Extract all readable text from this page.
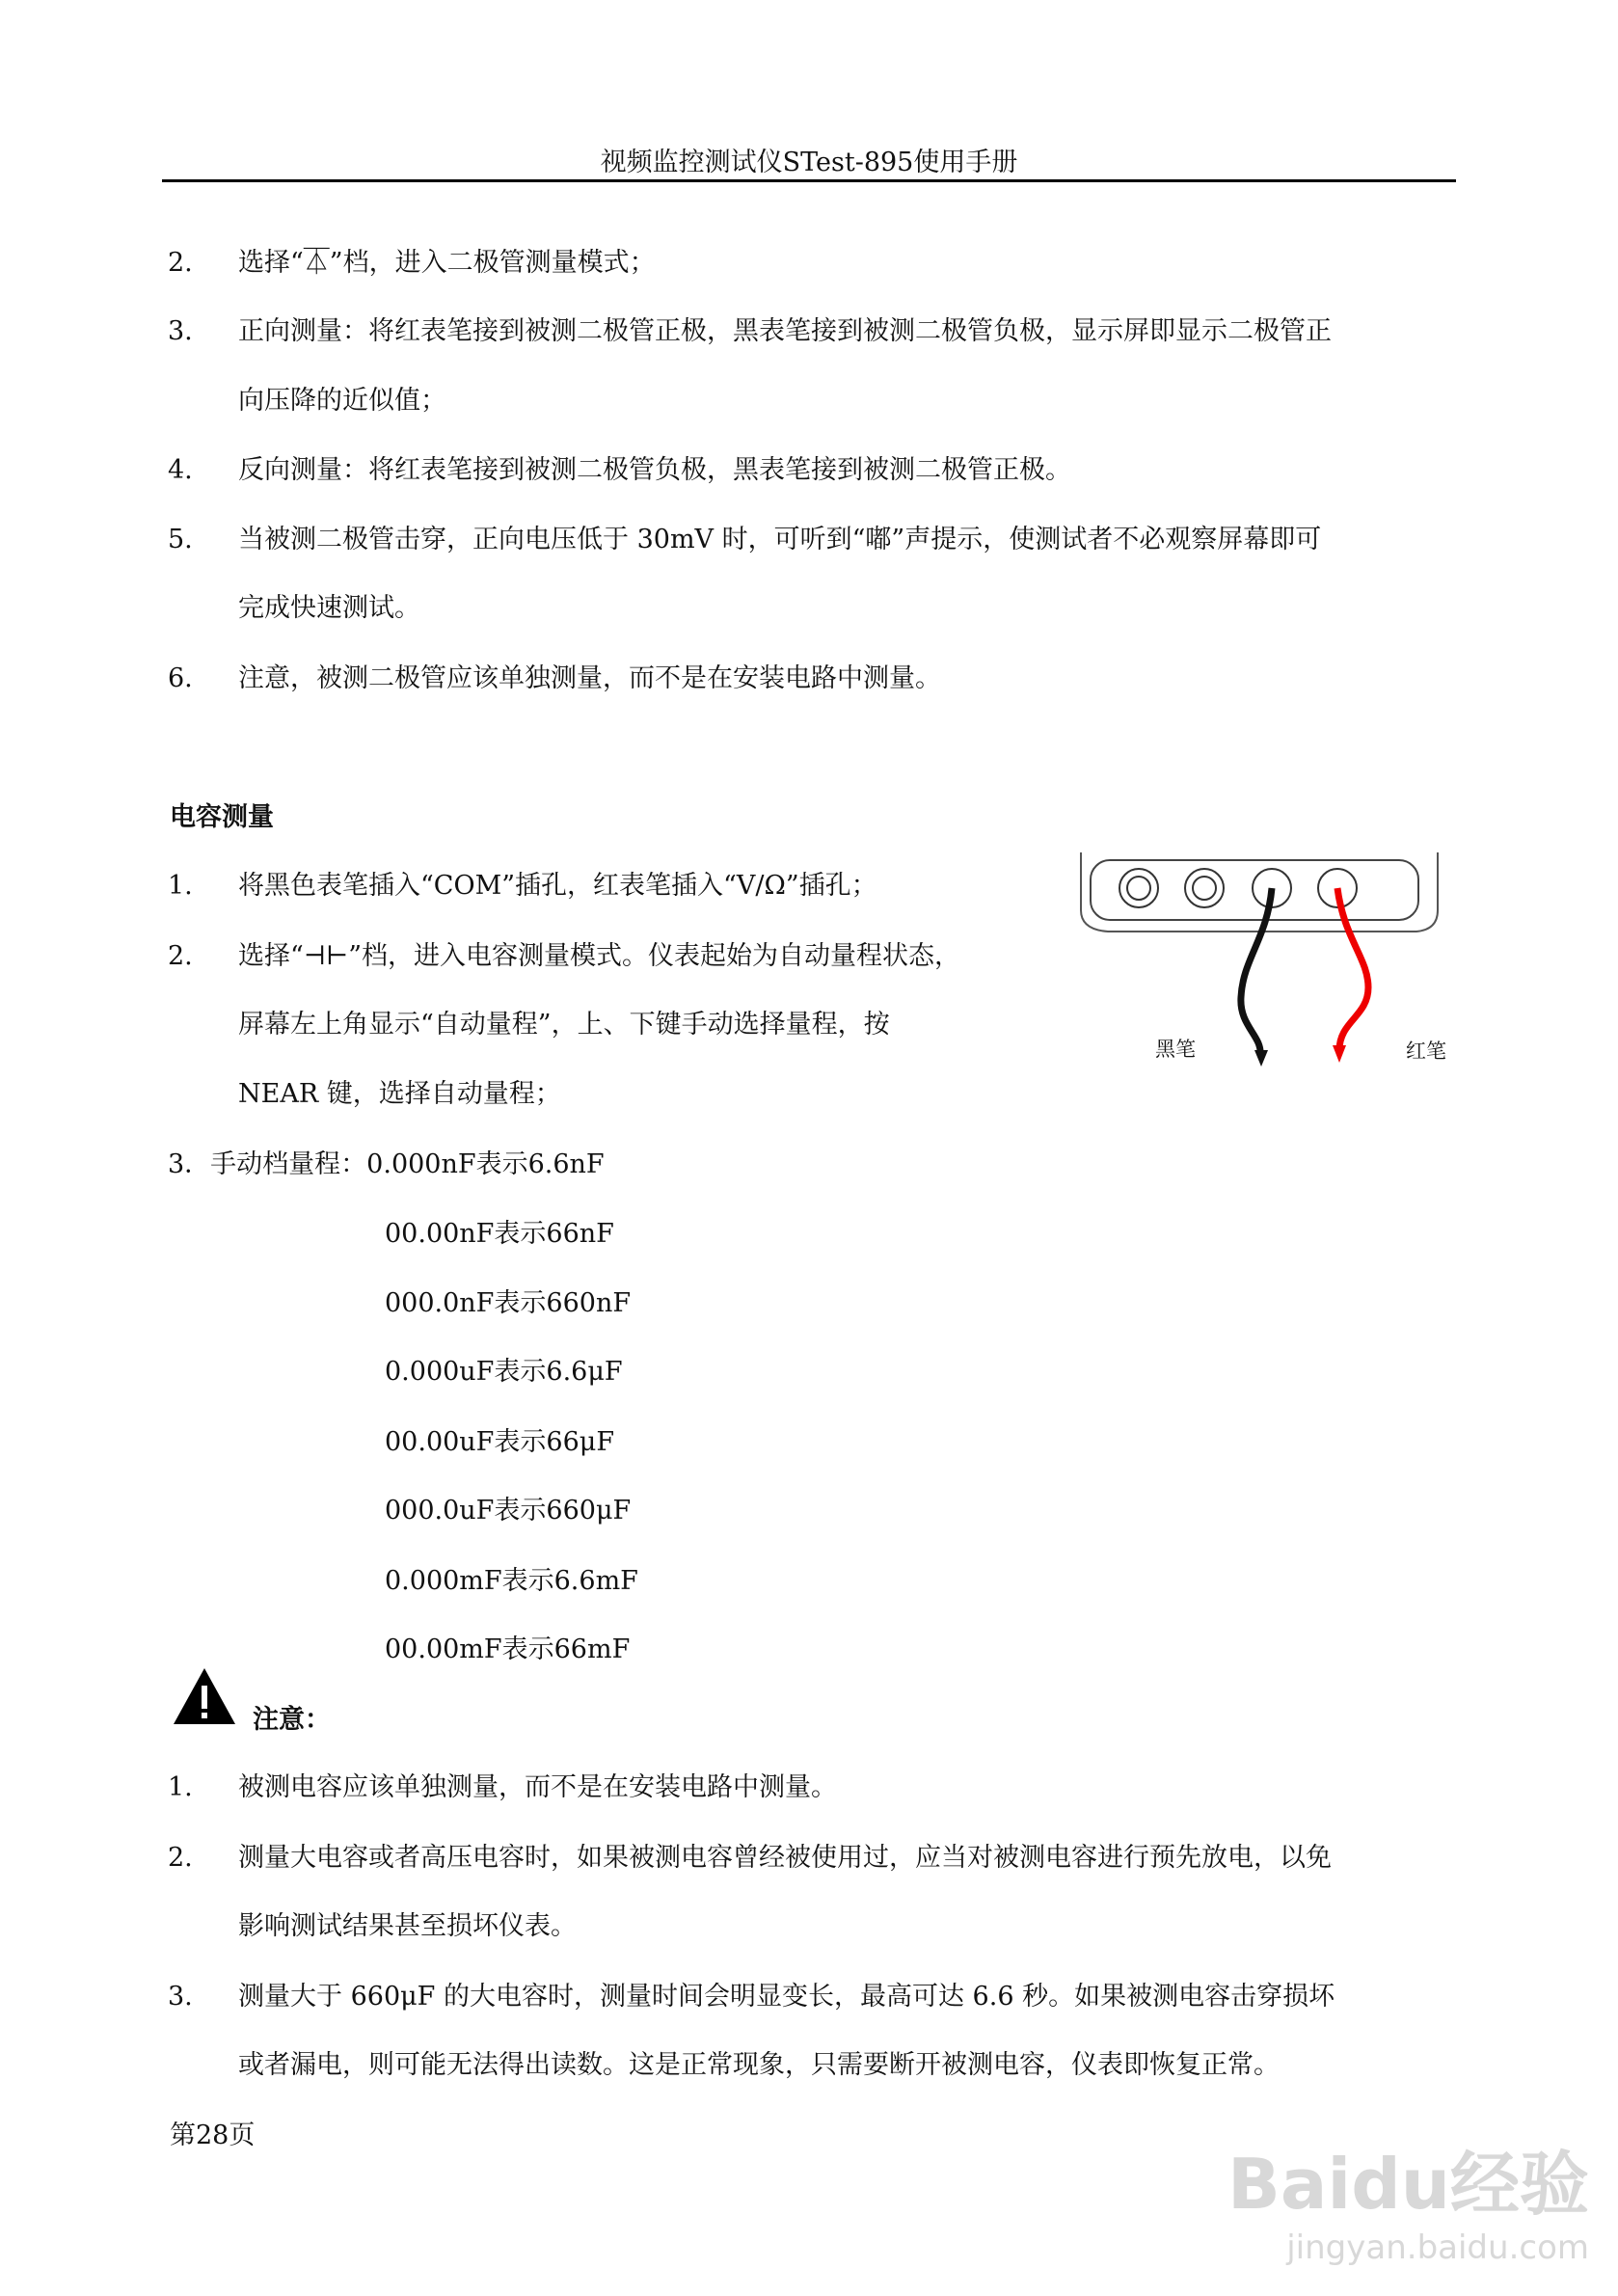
视频监控测试仪STest-895使用手册
2. 选择“⏄”档，进入二极管测量模式；
3. 正向测量：将红表笔接到被测二极管正极，黑表笔接到被测二极管负极，显示屏即显示二极管正
向压降的近似值；
4. 反向测量：将红表笔接到被测二极管负极，黑表笔接到被测二极管正极。
5. 当被测二极管击穿，正向电压低于 30mV 时，可听到“嘟”声提示，使测试者不必观察屏幕即可
完成快速测试。
6. 注意，被测二极管应该单独测量，而不是在安装电路中测量。
电容测量
1. 将黑色表笔插入“COM”插孔，红表笔插入“V/Ω”插孔；
2. 选择“⊣⊢”档，进入电容测量模式。仪表起始为自动量程状态，
屏幕左上角显示“自动量程”，上、下键手动选择量程，按
NEAR 键，选择自动量程；
黑笔	红笔
3．手动档量程：0.000nF表示6.6nF
00.00nF表示66nF
000.0nF表示660nF
0.000uF表示6.6μF
00.00uF表示66μF
000.0uF表示660μF
0.000mF表示6.6mF
00.00mF表示66mF
注意：
1. 被测电容应该单独测量，而不是在安装电路中测量。
2. 测量大电容或者高压电容时，如果被测电容曾经被使用过，应当对被测电容进行预先放电，以免
影响测试结果甚至损坏仪表。
3. 测量大于 660μF 的大电容时，测量时间会明显变长，最高可达 6.6 秒。如果被测电容击穿损坏
或者漏电，则可能无法得出读数。这是正常现象，只需要断开被测电容，仪表即恢复正常。
第28页
Baidu经验
jingyan.baidu.com
